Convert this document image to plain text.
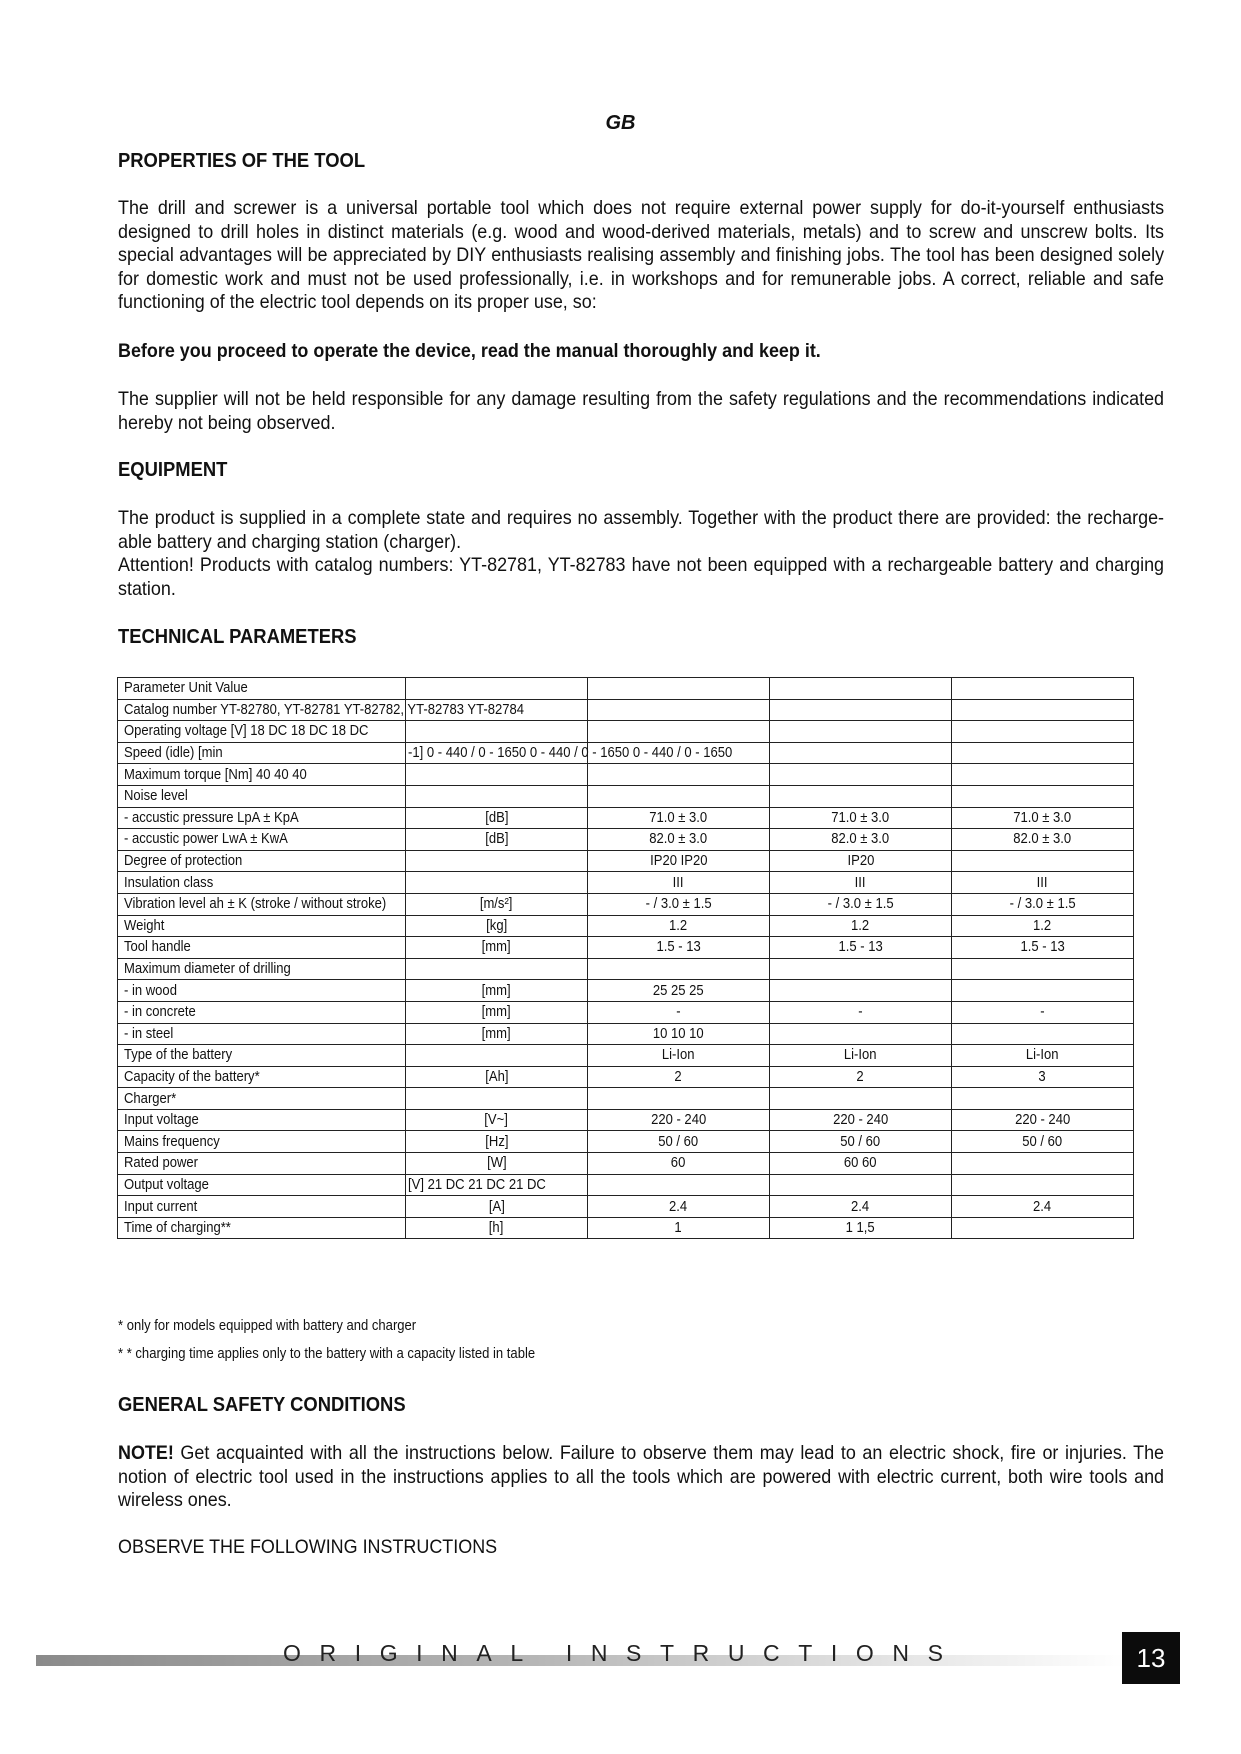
GB
PROPERTIES OF THE TOOL
The drill and screwer is a universal portable tool which does not require external power supply for do-it-yourself enthusiasts designed to drill holes in distinct materials (e.g. wood and wood-derived materials, metals) and to screw and unscrew bolts. Its special advantages will be appreciated by DIY enthusiasts realising assembly and finishing jobs. The tool has been designed solely for domestic work and must not be used professionally, i.e. in workshops and for remunerable jobs. A correct, reliable and safe functioning of the electric tool depends on its proper use, so:
Before you proceed to operate the device, read the manual thoroughly and keep it.
The supplier will not be held responsible for any damage resulting from the safety regulations and the recommendations indicated hereby not being observed.
EQUIPMENT
The product is supplied in a complete state and requires no assembly. Together with the product there are provided: the recharge-able battery and charging station (charger).
Attention! Products with catalog numbers: YT-82781, YT-82783 have not been equipped with a rechargeable battery and charging station.
TECHNICAL PARAMETERS
Parameter Unit Value				
Catalog number YT-82780, YT-82781 YT-82782, YT-82783 YT-82784				
Operating voltage [V] 18 DC 18 DC 18 DC				
Speed (idle) [min	-1] 0 - 440 / 0 - 1650 0 - 440 / 0 - 1650 0 - 440 / 0 - 1650			
Maximum torque [Nm] 40 40 40				
Noise level				
- accustic pressure LpA ± KpA	[dB]	71.0 ± 3.0	71.0 ± 3.0	71.0 ± 3.0
- accustic power LwA ± KwA	[dB]	82.0 ± 3.0	82.0 ± 3.0	82.0 ± 3.0
Degree of protection		IP20 IP20	IP20	
Insulation class		III	III	III
Vibration level ah ± K (stroke / without stroke)	[m/s²]	- / 3.0 ± 1.5	- / 3.0 ± 1.5	- / 3.0 ± 1.5
Weight	[kg]	1.2	1.2	1.2
Tool handle	[mm]	1.5 - 13	1.5 - 13	1.5 - 13
Maximum diameter of drilling				
- in wood	[mm]	25 25 25		
- in concrete	[mm]	-	-	-
- in steel	[mm]	10 10 10		
Type of the battery		Li-Ion	Li-Ion	Li-Ion
Capacity of the battery*	[Ah]	2	2	3
Charger*				
Input voltage	[V~]	220 - 240	220 - 240	220 - 240
Mains frequency	[Hz]	50 / 60	50 / 60	50 / 60
Rated power	[W]	60	60 60	
Output voltage	[V] 21 DC 21 DC 21 DC			
Input current	[A]	2.4	2.4	2.4
Time of charging**	[h]	1	1 1,5	
* only for models equipped with battery and charger
* * charging time applies only to the battery with a capacity listed in table
GENERAL SAFETY CONDITIONS
NOTE! Get acquainted with all the instructions below. Failure to observe them may lead to an electric shock, fire or injuries. The notion of electric tool used in the instructions applies to all the tools which are powered with electric current, both wire tools and wireless ones.
OBSERVE THE FOLLOWING INSTRUCTIONS
ORIGINAL INSTRUCTIONS	13
